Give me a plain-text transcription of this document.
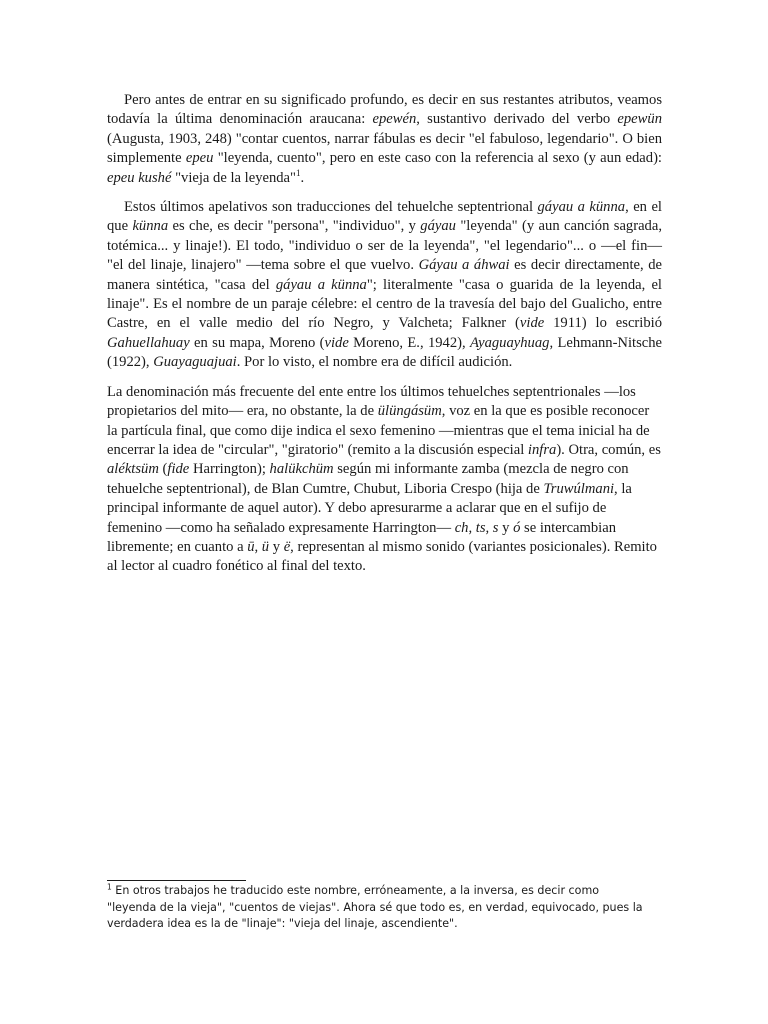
Pero antes de entrar en su significado profundo, es decir en sus restantes atributos, veamos todavía la última denominación araucana: epewén, sustantivo derivado del verbo epewün (Augusta, 1903, 248) "contar cuentos, narrar fábulas es decir "el fabuloso, legendario". O bien simplemente epeu "leyenda, cuento", pero en este caso con la referencia al sexo (y aun edad): epeu kushé "vieja de la leyenda"$^1$.

Estos últimos apelativos son traducciones del tehuelche septentrional gáyau a künna, en el que künna es che, es decir "persona", "individuo", y gáyau "leyenda" (y aun canción sagrada, totémica... y linaje!). El todo, "individuo o ser de la leyenda", "el legendario"... o —el fin— "el del linaje, linajero" —tema sobre el que vuelvo. Gáyau a áhwai es decir directamente, de manera sintética, "casa del gáyau a künna"; literalmente "casa o guarida de la leyenda, el linaje". Es el nombre de un paraje célebre: el centro de la travesía del bajo del Gualicho, entre Castre, en el valle medio del río Negro, y Valcheta; Falkner (vide 1911) lo escribió Gahuellahuay en su mapa, Moreno (vide Moreno, E., 1942), Ayaguayhuag, Lehmann-Nitsche (1922), Guayaguajuai. Por lo visto, el nombre era de difícil audición.

La denominación más frecuente del ente entre los últimos tehuelches septentrionales —los propietarios del mito— era, no obstante, la de ülüngásüm, voz en la que es posible reconocer la partícula final, que como dije indica el sexo femenino —mientras que el tema inicial ha de encerrar la idea de "circular", "giratorio" (remito a la discusión especial infra). Otra, común, es aléktsüm (fide Harrington); halükchüm según mi informante zamba (mezcla de negro con tehuelche septentrional), de Blan Cumtre, Chubut, Liboria Crespo (hija de Truwúlmani, la principal informante de aquel autor). Y debo apresurarme a aclarar que en el sufijo de femenino —como ha señalado expresamente Harrington— ch, ts, s y ó se intercambian libremente; en cuanto a ū, ü y ë, representan al mismo sonido (variantes posicionales). Remito al lector al cuadro fonético al final del texto.

$^1$ En otros trabajos he traducido este nombre, erróneamente, a la inversa, es decir como "leyenda de la vieja", "cuentos de viejas". Ahora sé que todo es, en verdad, equivocado, pues la verdadera idea es la de "linaje": "vieja del linaje, ascendiente".
